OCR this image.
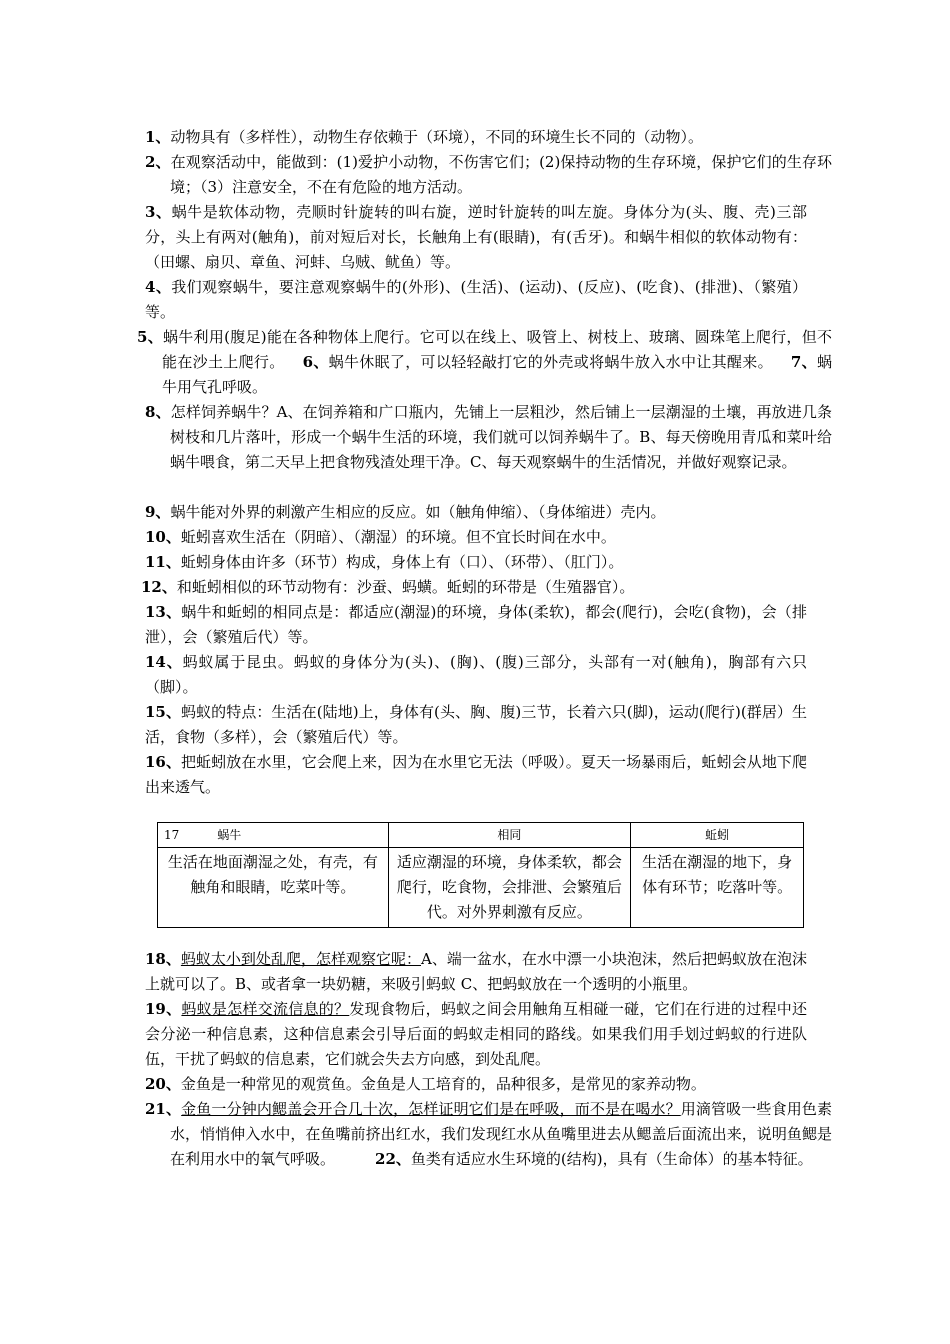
1、动物具有（多样性），动物生存依赖于（环境），不同的环境生长不同的（动物）。
2、在观察活动中，能做到：(1)爱护小动物，不伤害它们；(2)保持动物的生存环境，保护它们的生存环境；（3）注意安全，不在有危险的地方活动。
3、蜗牛是软体动物，壳顺时针旋转的叫右旋，逆时针旋转的叫左旋。身体分为(头、腹、壳)三部分，头上有两对(触角)，前对短后对长，长触角上有(眼睛)，有(舌牙)。和蜗牛相似的软体动物有：（田螺、扇贝、章鱼、河蚌、乌贼、鱿鱼）等。
4、我们观察蜗牛，要注意观察蜗牛的(外形)、(生活)、(运动)、(反应)、(吃食)、(排泄)、（繁殖）等。
5、蜗牛利用(腹足)能在各种物体上爬行。它可以在线上、吸管上、树枝上、玻璃、圆珠笔上爬行，但不能在沙土上爬行。 6、蜗牛休眠了，可以轻轻敲打它的外壳或将蜗牛放入水中让其醒来。 7、蜗牛用气孔呼吸。
8、怎样饲养蜗牛？A、在饲养箱和广口瓶内，先铺上一层粗沙，然后铺上一层潮湿的土壤，再放进几条树枝和几片落叶，形成一个蜗牛生活的环境，我们就可以饲养蜗牛了。B、每天傍晚用青瓜和菜叶给蜗牛喂食，第二天早上把食物残渣处理干净。C、每天观察蜗牛的生活情况，并做好观察记录。
9、蜗牛能对外界的刺激产生相应的反应。如（触角伸缩）、（身体缩进）壳内。
10、蚯蚓喜欢生活在（阴暗）、（潮湿）的环境。但不宜长时间在水中。
11、蚯蚓身体由许多（环节）构成，身体上有（口）、（环带）、（肛门）。
12、和蚯蚓相似的环节动物有：沙蚕、蚂蟥。蚯蚓的环带是（生殖器官）。
13、蜗牛和蚯蚓的相同点是：都适应(潮湿)的环境，身体(柔软)，都会(爬行)，会吃(食物)，会（排泄），会（繁殖后代）等。
14、蚂蚁属于昆虫。蚂蚁的身体分为(头)、(胸)、(腹)三部分，头部有一对(触角)，胸部有六只（脚）。
15、蚂蚁的特点：生活在(陆地)上，身体有(头、胸、腹)三节，长着六只(脚)，运动(爬行)(群居）生活，食物（多样），会（繁殖后代）等。
16、把蚯蚓放在水里，它会爬上来，因为在水里它无法（呼吸）。夏天一场暴雨后，蚯蚓会从地下爬出来透气。
17 蜗牛	相同	蚯蚓
生活在地面潮湿之处，有壳，有触角和眼睛，吃菜叶等。	适应潮湿的环境，身体柔软，都会爬行，吃食物，会排泄、会繁殖后代。对外界刺激有反应。	生活在潮湿的地下，身体有环节；吃落叶等。
18、蚂蚁太小到处乱爬，怎样观察它呢：A、端一盆水，在水中漂一小块泡沫，然后把蚂蚁放在泡沫上就可以了。B、或者拿一块奶糖，来吸引蚂蚁 C、把蚂蚁放在一个透明的小瓶里。
19、蚂蚁是怎样交流信息的？发现食物后，蚂蚁之间会用触角互相碰一碰，它们在行进的过程中还会分泌一种信息素，这种信息素会引导后面的蚂蚁走相同的路线。如果我们用手划过蚂蚁的行进队伍，干扰了蚂蚁的信息素，它们就会失去方向感，到处乱爬。
20、金鱼是一种常见的观赏鱼。金鱼是人工培育的，品种很多，是常见的家养动物。
21、金鱼一分钟内鳃盖会开合几十次，怎样证明它们是在呼吸，而不是在喝水？用滴管吸一些食用色素水，悄悄伸入水中，在鱼嘴前挤出红水，我们发现红水从鱼嘴里进去从鳃盖后面流出来，说明鱼鳃是在利用水中的氧气呼吸。	22、鱼类有适应水生环境的(结构)，具有（生命体）的基本特征。
